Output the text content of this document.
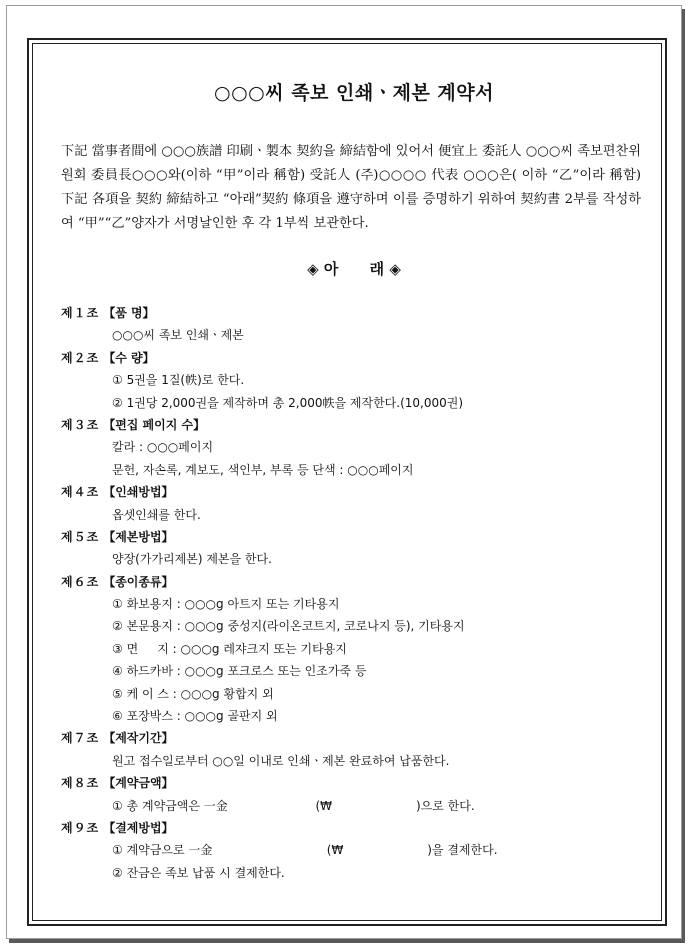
○○○씨 족보 인쇄ㆍ제본 계약서

下記 當事者間에 ○○○族譜 印刷ㆍ製本 契約을 締結함에 있어서 便宜上 委託人 ○○○씨 족보편찬위원회 委員長○○○와(이하 “甲”이라 稱함) 受託人 (주)○○○○ 代表 ○○○은( 이하 “乙”이라 稱함) 下記 各項을 契約 締結하고 “아래”契約 條項을 遵守하며 이를 증명하기 위하여 契約書 2부를 작성하여 “甲”“乙”양자가 서명날인한 후 각 1부씩 보관한다.

◈ 아      래 ◈
제１조 【품 명】
○○○씨 족보 인쇄ㆍ제본
제２조 【수 량】
① 5권을 1질(帙)로 한다.
② 1권당 2,000권을 제작하며 총 2,000帙을 제작한다.(10,000권)
제３조 【편집 페이지 수】
칼라 : ○○○페이지
문헌, 자손록, 계보도, 색인부, 부록 등 단색 : ○○○페이지
제４조 【인쇄방법】
옵셋인쇄를 한다.
제５조 【제본방법】
양장(가가리제본) 제본을 한다.
제６조 【종이종류】
① 화보용지 : ○○○g 아트지 또는 기타용지
② 본문용지 : ○○○g 중성지(라이온코트지, 코로나지 등), 기타용지
③ 면     지 : ○○○g 레쟈크지 또는 기타용지
④ 하드카바 : ○○○g 포크로스 또는 인조가죽 등
⑤ 케 이 스 : ○○○g 황합지 외
⑥ 포장박스 : ○○○g 골판지 외
제７조 【제작기간】
원고 접수일로부터 ○○일 이내로 인쇄ㆍ제본 완료하여 납품한다.
제８조 【계약금액】
① 총 계약금액은 一金                       (₩                      )으로 한다.
제９조 【결제방법】
① 계약금으로 一金                              (₩                      )을 결제한다.
② 잔금은 족보 납품 시 결제한다.
